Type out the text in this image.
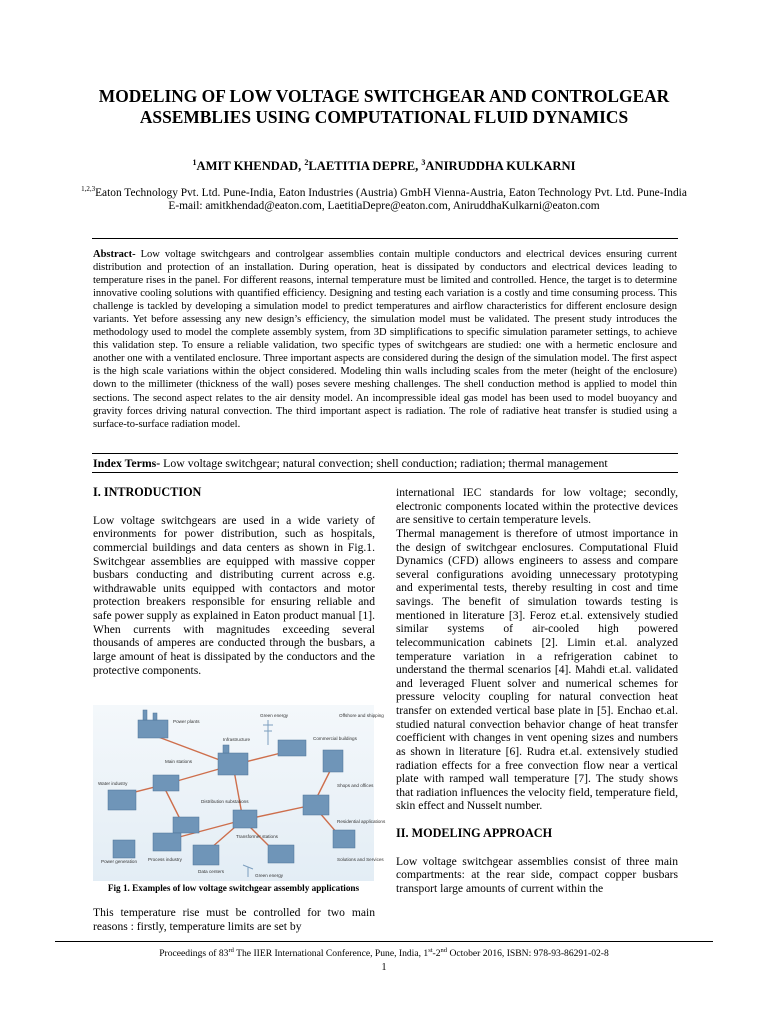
MODELING OF LOW VOLTAGE SWITCHGEAR AND CONTROLGEAR ASSEMBLIES USING COMPUTATIONAL FLUID DYNAMICS
$^1$AMIT KHENDAD, $^2$LAETITIA DEPRE, $^3$ANIRUDDHA KULKARNI
$^{1,2,3}$Eaton Technology Pvt. Ltd. Pune-India, Eaton Industries (Austria) GmbH Vienna-Austria, Eaton Technology Pvt. Ltd. Pune-India
E-mail: amitkhendad@eaton.com, LaetitiaDepre@eaton.com, AniruddhaKulkarni@eaton.com
Abstract- Low voltage switchgears and controlgear assemblies contain multiple conductors and electrical devices ensuring current distribution and protection of an installation. During operation, heat is dissipated by conductors and electrical devices leading to temperature rises in the panel. For different reasons, internal temperature must be limited and controlled. Hence, the target is to determine innovative cooling solutions with quantified efficiency. Designing and testing each variation is a costly and time consuming process. This challenge is tackled by developing a simulation model to predict temperatures and airflow characteristics for different enclosure design variants. Yet before assessing any new design’s efficiency, the simulation model must be validated. The present study introduces the methodology used to model the complete assembly system, from 3D simplifications to specific simulation parameter settings, to achieve this validation step. To ensure a reliable validation, two specific types of switchgears are studied: one with a hermetic enclosure and another one with a ventilated enclosure. Three important aspects are considered during the design of the simulation model. The first aspect is the high scale variations within the object considered. Modeling thin walls including scales from the meter (height of the enclosure) down to the millimeter (thickness of the wall) poses severe meshing challenges. The shell conduction method is applied to model thin sections. The second aspect relates to the air density model. An incompressible ideal gas model has been used to model buoyancy and gravity forces driving natural convection. The third important aspect is radiation. The role of radiative heat transfer is studied using a surface-to-surface radiation model.
Index Terms- Low voltage switchgear; natural convection; shell conduction; radiation; thermal management

I. INTRODUCTION

Low voltage switchgears are used in a wide variety of environments for power distribution, such as hospitals, commercial buildings and data centers as shown in Fig.1. Switchgear assemblies are equipped with massive copper busbars conducting and distributing current across e.g. withdrawable units equipped with contactors and motor protection breakers responsible for ensuring reliable and safe power supply as explained in Eaton product manual [1]. When currents with magnitudes exceeding several thousands of amperes are conducted through the busbars, a large amount of heat is dissipated by the conductors and the protective components.

Power plants
Offshore and shipping
Infrastructure
Green energy
Main stations
Commercial buildings
Water industry
Distribution substations
Shops and offices
Transformer stations
Residential applications
Power generation Process industry
Data centers
Green energy
Solutions and Services
Fig 1. Examples of low voltage switchgear assembly applications

This temperature rise must be controlled for two main reasons : firstly, temperature limits are set by

international IEC standards for low voltage; secondly, electronic components located within the protective devices are sensitive to certain temperature levels.

Thermal management is therefore of utmost importance in the design of switchgear enclosures. Computational Fluid Dynamics (CFD) allows engineers to assess and compare several configurations avoiding unnecessary prototyping and experimental tests, thereby resulting in cost and time savings. The benefit of simulation towards testing is mentioned in literature [3]. Feroz et.al. extensively studied similar systems of air-cooled high powered telecommunication cabinets [2]. Limin et.al. analyzed temperature variation in a refrigeration cabinet to understand the thermal scenarios [4]. Mahdi et.al. validated and leveraged Fluent solver and numerical schemes for pressure velocity coupling for natural convection heat transfer on extended vertical base plate in [5]. Enchao et.al. studied natural convection behavior change of heat transfer coefficient with changes in vent opening sizes and numbers as shown in literature [6]. Rudra et.al. extensively studied radiation effects for a free convection flow near a vertical plate with ramped wall temperature [7]. The study shows that radiation influences the velocity field, temperature field, skin effect and Nusselt number.

II. MODELING APPROACH

Low voltage switchgear assemblies consist of three main compartments: at the rear side, compact copper busbars transport large amounts of current within the

Proceedings of 83rd The IIER International Conference, Pune, India, 1st-2nd October 2016, ISBN: 978-93-86291-02-8
1
